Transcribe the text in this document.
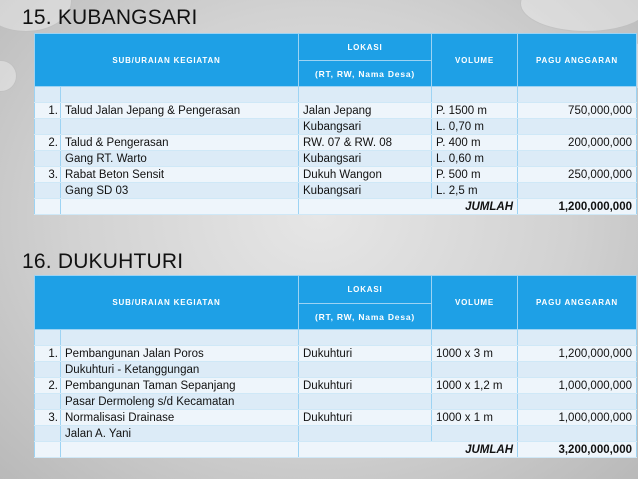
15. KUBANGSARI
SUB/URAIAN KEGIATAN		LOKASI	VOLUME	PAGU ANGGARAN
		(RT, RW, Nama Desa)		

1.	Talud Jalan Jepang & Pengerasan	Jalan Jepang	P. 1500 m	750,000,000
		Kubangsari	L. 0,70 m	
2.	Talud & Pengerasan	RW. 07 & RW. 08	P. 400 m	200,000,000
	Gang RT. Warto	Kubangsari	L. 0,60 m	
3.	Rabat Beton Sensit	Dukuh Wangon	P. 500 m	250,000,000
	Gang SD 03	Kubangsari	L. 2,5 m	
		JUMLAH		1,200,000,000
16. DUKUHTURI
SUB/URAIAN KEGIATAN		LOKASI	VOLUME	PAGU ANGGARAN
		(RT, RW, Nama Desa)		

1.	Pembangunan Jalan Poros	Dukuhturi	1000 x 3 m	1,200,000,000
	Dukuhturi - Ketanggungan			
2.	Pembangunan Taman Sepanjang	Dukuhturi	1000 x 1,2 m	1,000,000,000
	Pasar Dermoleng s/d Kecamatan			
3.	Normalisasi Drainase	Dukuhturi	1000 x 1 m	1,000,000,000
	Jalan A. Yani			
		JUMLAH		3,200,000,000
